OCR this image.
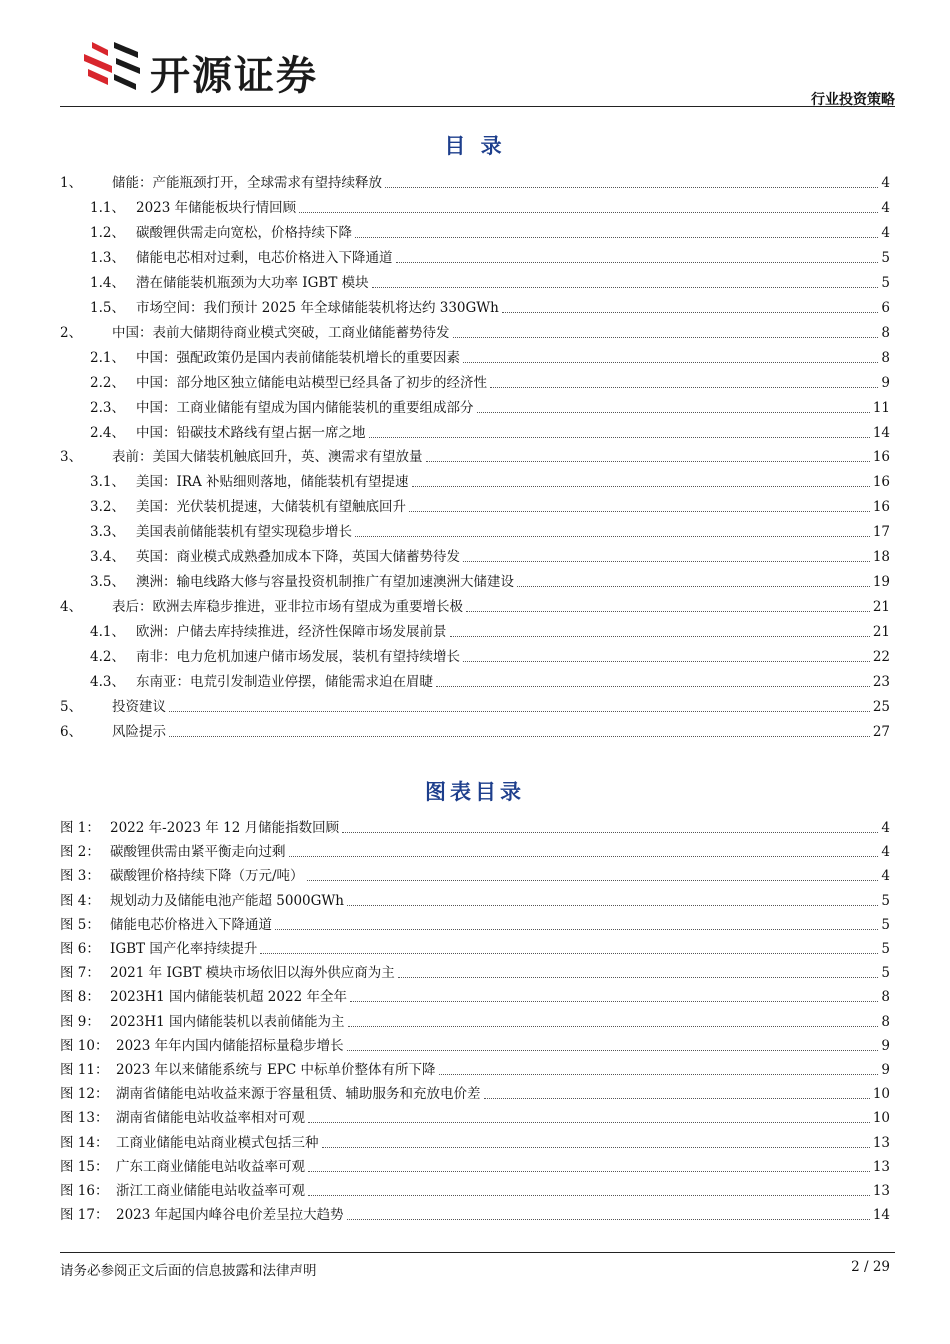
开源证券
行业投资策略
目 录
1、	储能：产能瓶颈打开，全球需求有望持续释放	4
1.1、 2023 年储能板块行情回顾	4
1.2、 碳酸锂供需走向宽松，价格持续下降	4
1.3、 储能电芯相对过剩，电芯价格进入下降通道	5
1.4、 潜在储能装机瓶颈为大功率 IGBT 模块	5
1.5、 市场空间：我们预计 2025 年全球储能装机将达约 330GWh	6
2、	中国：表前大储期待商业模式突破，工商业储能蓄势待发	8
2.1、 中国：强配政策仍是国内表前储能装机增长的重要因素	8
2.2、 中国：部分地区独立储能电站模型已经具备了初步的经济性	9
2.3、 中国：工商业储能有望成为国内储能装机的重要组成部分	11
2.4、 中国：铅碳技术路线有望占据一席之地	14
3、	表前：美国大储装机触底回升，英、澳需求有望放量	16
3.1、 美国：IRA 补贴细则落地，储能装机有望提速	16
3.2、 美国：光伏装机提速，大储装机有望触底回升	16
3.3、 美国表前储能装机有望实现稳步增长	17
3.4、 英国：商业模式成熟叠加成本下降，英国大储蓄势待发	18
3.5、 澳洲：输电线路大修与容量投资机制推广有望加速澳洲大储建设	19
4、	表后：欧洲去库稳步推进，亚非拉市场有望成为重要增长极	21
4.1、 欧洲：户储去库持续推进，经济性保障市场发展前景	21
4.2、 南非：电力危机加速户储市场发展，装机有望持续增长	22
4.3、 东南亚：电荒引发制造业停摆，储能需求迫在眉睫	23
5、	投资建议	25
6、	风险提示	27
图表目录
图 1： 2022 年-2023 年 12 月储能指数回顾	4
图 2： 碳酸锂供需由紧平衡走向过剩	4
图 3： 碳酸锂价格持续下降（万元/吨）	4
图 4： 规划动力及储能电池产能超 5000GWh	5
图 5： 储能电芯价格进入下降通道	5
图 6： IGBT 国产化率持续提升	5
图 7： 2021 年 IGBT 模块市场依旧以海外供应商为主	5
图 8： 2023H1 国内储能装机超 2022 年全年	8
图 9： 2023H1 国内储能装机以表前储能为主	8
图 10： 2023 年年内国内储能招标量稳步增长	9
图 11： 2023 年以来储能系统与 EPC 中标单价整体有所下降	9
图 12： 湖南省储能电站收益来源于容量租赁、辅助服务和充放电价差	10
图 13： 湖南省储能电站收益率相对可观	10
图 14： 工商业储能电站商业模式包括三种	13
图 15： 广东工商业储能电站收益率可观	13
图 16： 浙江工商业储能电站收益率可观	13
图 17： 2023 年起国内峰谷电价差呈拉大趋势	14
请务必参阅正文后面的信息披露和法律声明	2 / 29
